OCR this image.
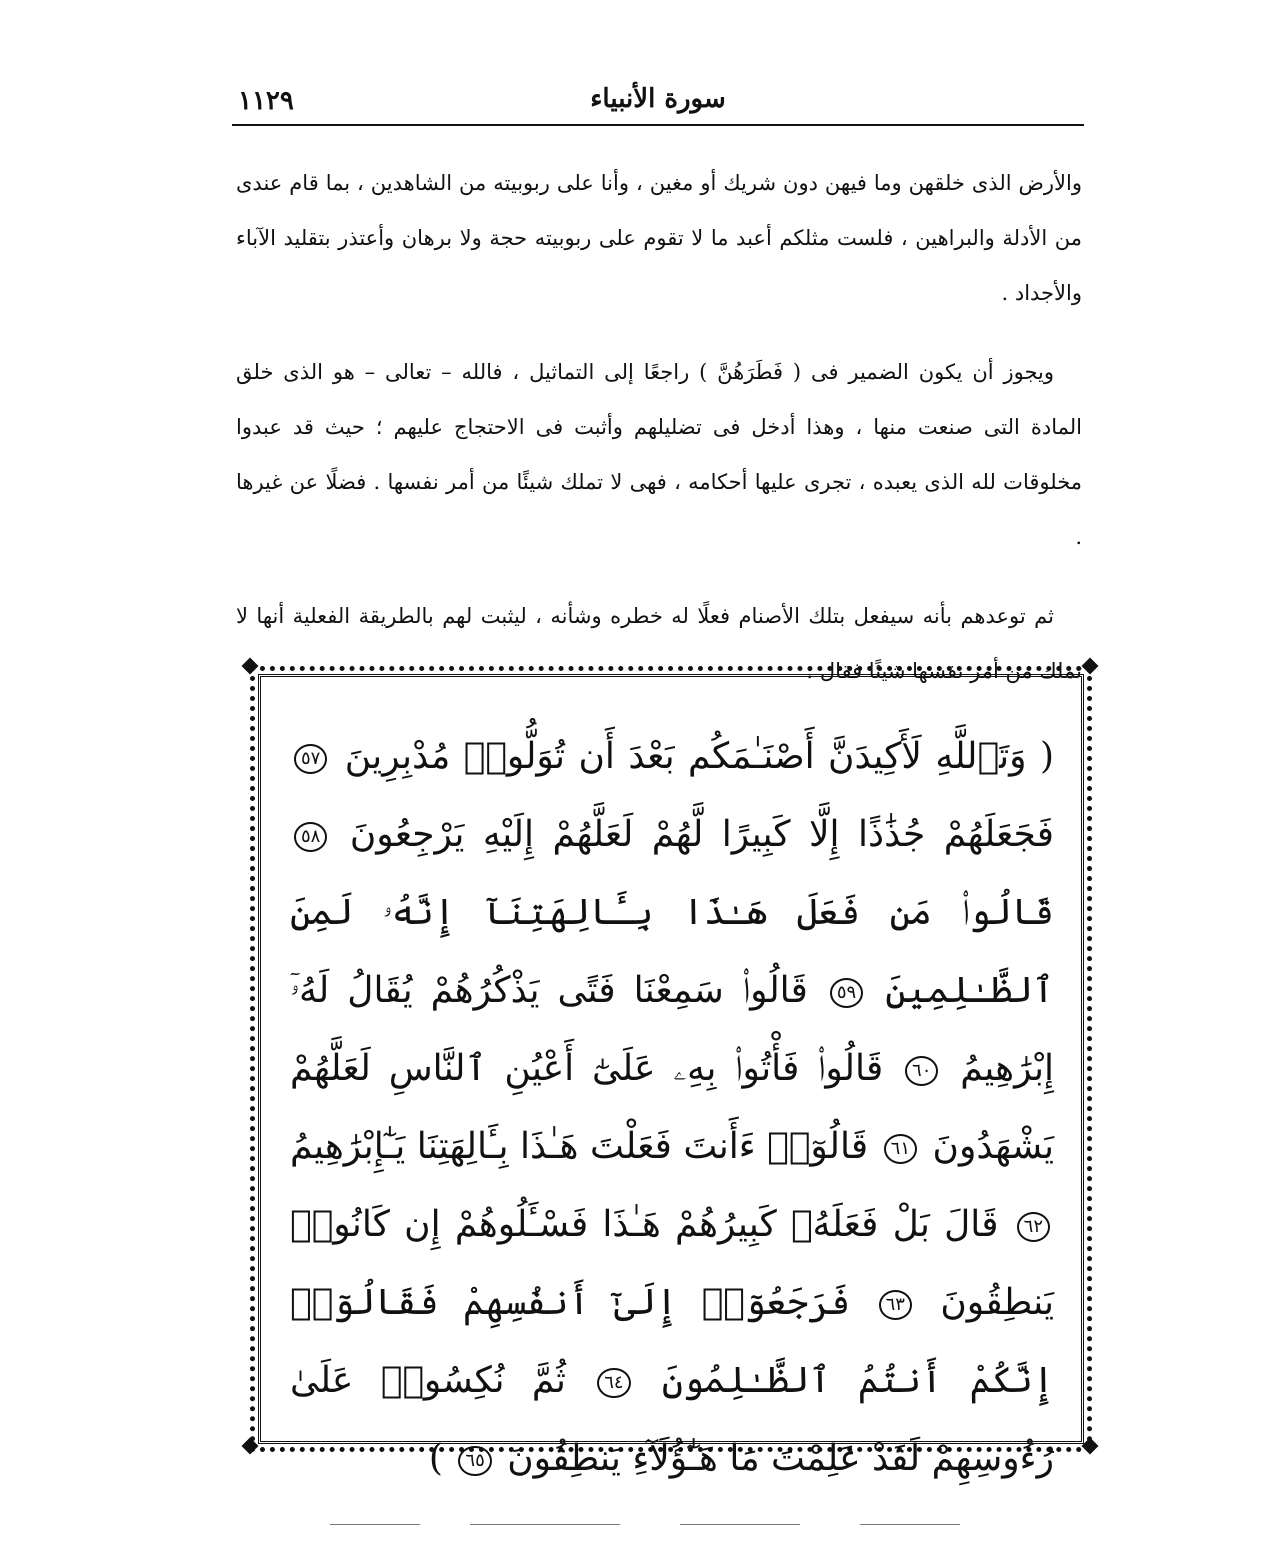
١١٢٩	سورة الأنبياء

والأرض الذى خلقهن وما فيهن دون شريك أو مغين ، وأنا على ربوبيته من الشاهدين ، بما قام عندى من الأدلة والبراهين ، فلست مثلكم أعبد ما لا تقوم على ربوبيته حجة ولا برهان وأعتذر بتقليد الآباء والأجداد .

ويجوز أن يكون الضمير فى ( فَطَرَهُنَّ ) راجعًا إلى التماثيل ، فالله – تعالى – هو الذى خلق المادة التى صنعت منها ، وهذا أدخل فى تضليلهم وأثبت فى الاحتجاج عليهم ؛ حيث قد عبدوا مخلوقات لله الذى يعبده ، تجرى عليها أحكامه ، فهى لا تملك شيئًا من أمر نفسها . فضلًا عن غيرها .

ثم توعدهم بأنه سيفعل بتلك الأصنام فعلًا له خطره وشأنه ، ليثبت لهم بالطريقة الفعلية أنها لا تملك من أمر نفسها شيئًا فقال :

( وَتَٱللَّهِ لَأَكِيدَنَّ أَصْنَـٰمَكُم بَعْدَ أَن تُوَلُّوا۟ مُدْبِرِينَ ٥٧ فَجَعَلَهُمْ جُذَٰذًا إِلَّا كَبِيرًا لَّهُمْ لَعَلَّهُمْ إِلَيْهِ يَرْجِعُونَ ٥٨ قَالُوا۟ مَن فَعَلَ هَـٰذَا بِـَٔالِهَتِنَآ إِنَّهُۥ لَمِنَ ٱلظَّـٰلِمِينَ ٥٩ قَالُوا۟ سَمِعْنَا فَتًى يَذْكُرُهُمْ يُقَالُ لَهُۥٓ إِبْرَٰهِيمُ ٦٠ قَالُوا۟ فَأْتُوا۟ بِهِۦ عَلَىٰٓ أَعْيُنِ ٱلنَّاسِ لَعَلَّهُمْ يَشْهَدُونَ ٦١ قَالُوٓا۟ ءَأَنتَ فَعَلْتَ هَـٰذَا بِـَٔالِهَتِنَا يَـٰٓإِبْرَٰهِيمُ ٦٢ قَالَ بَلْ فَعَلَهُۥ كَبِيرُهُمْ هَـٰذَا فَسْـَٔلُوهُمْ إِن كَانُوا۟ يَنطِقُونَ ٦٣ فَرَجَعُوٓا۟ إِلَىٰٓ أَنفُسِهِمْ فَقَالُوٓا۟ إِنَّكُمْ أَنتُمُ ٱلظَّـٰلِمُونَ ٦٤ ثُمَّ نُكِسُوا۟ عَلَىٰ رُءُوسِهِمْ لَقَدْ عَلِمْتَ مَا هَـٰٓؤُلَآءِ يَنطِقُونَ ٦٥ )
